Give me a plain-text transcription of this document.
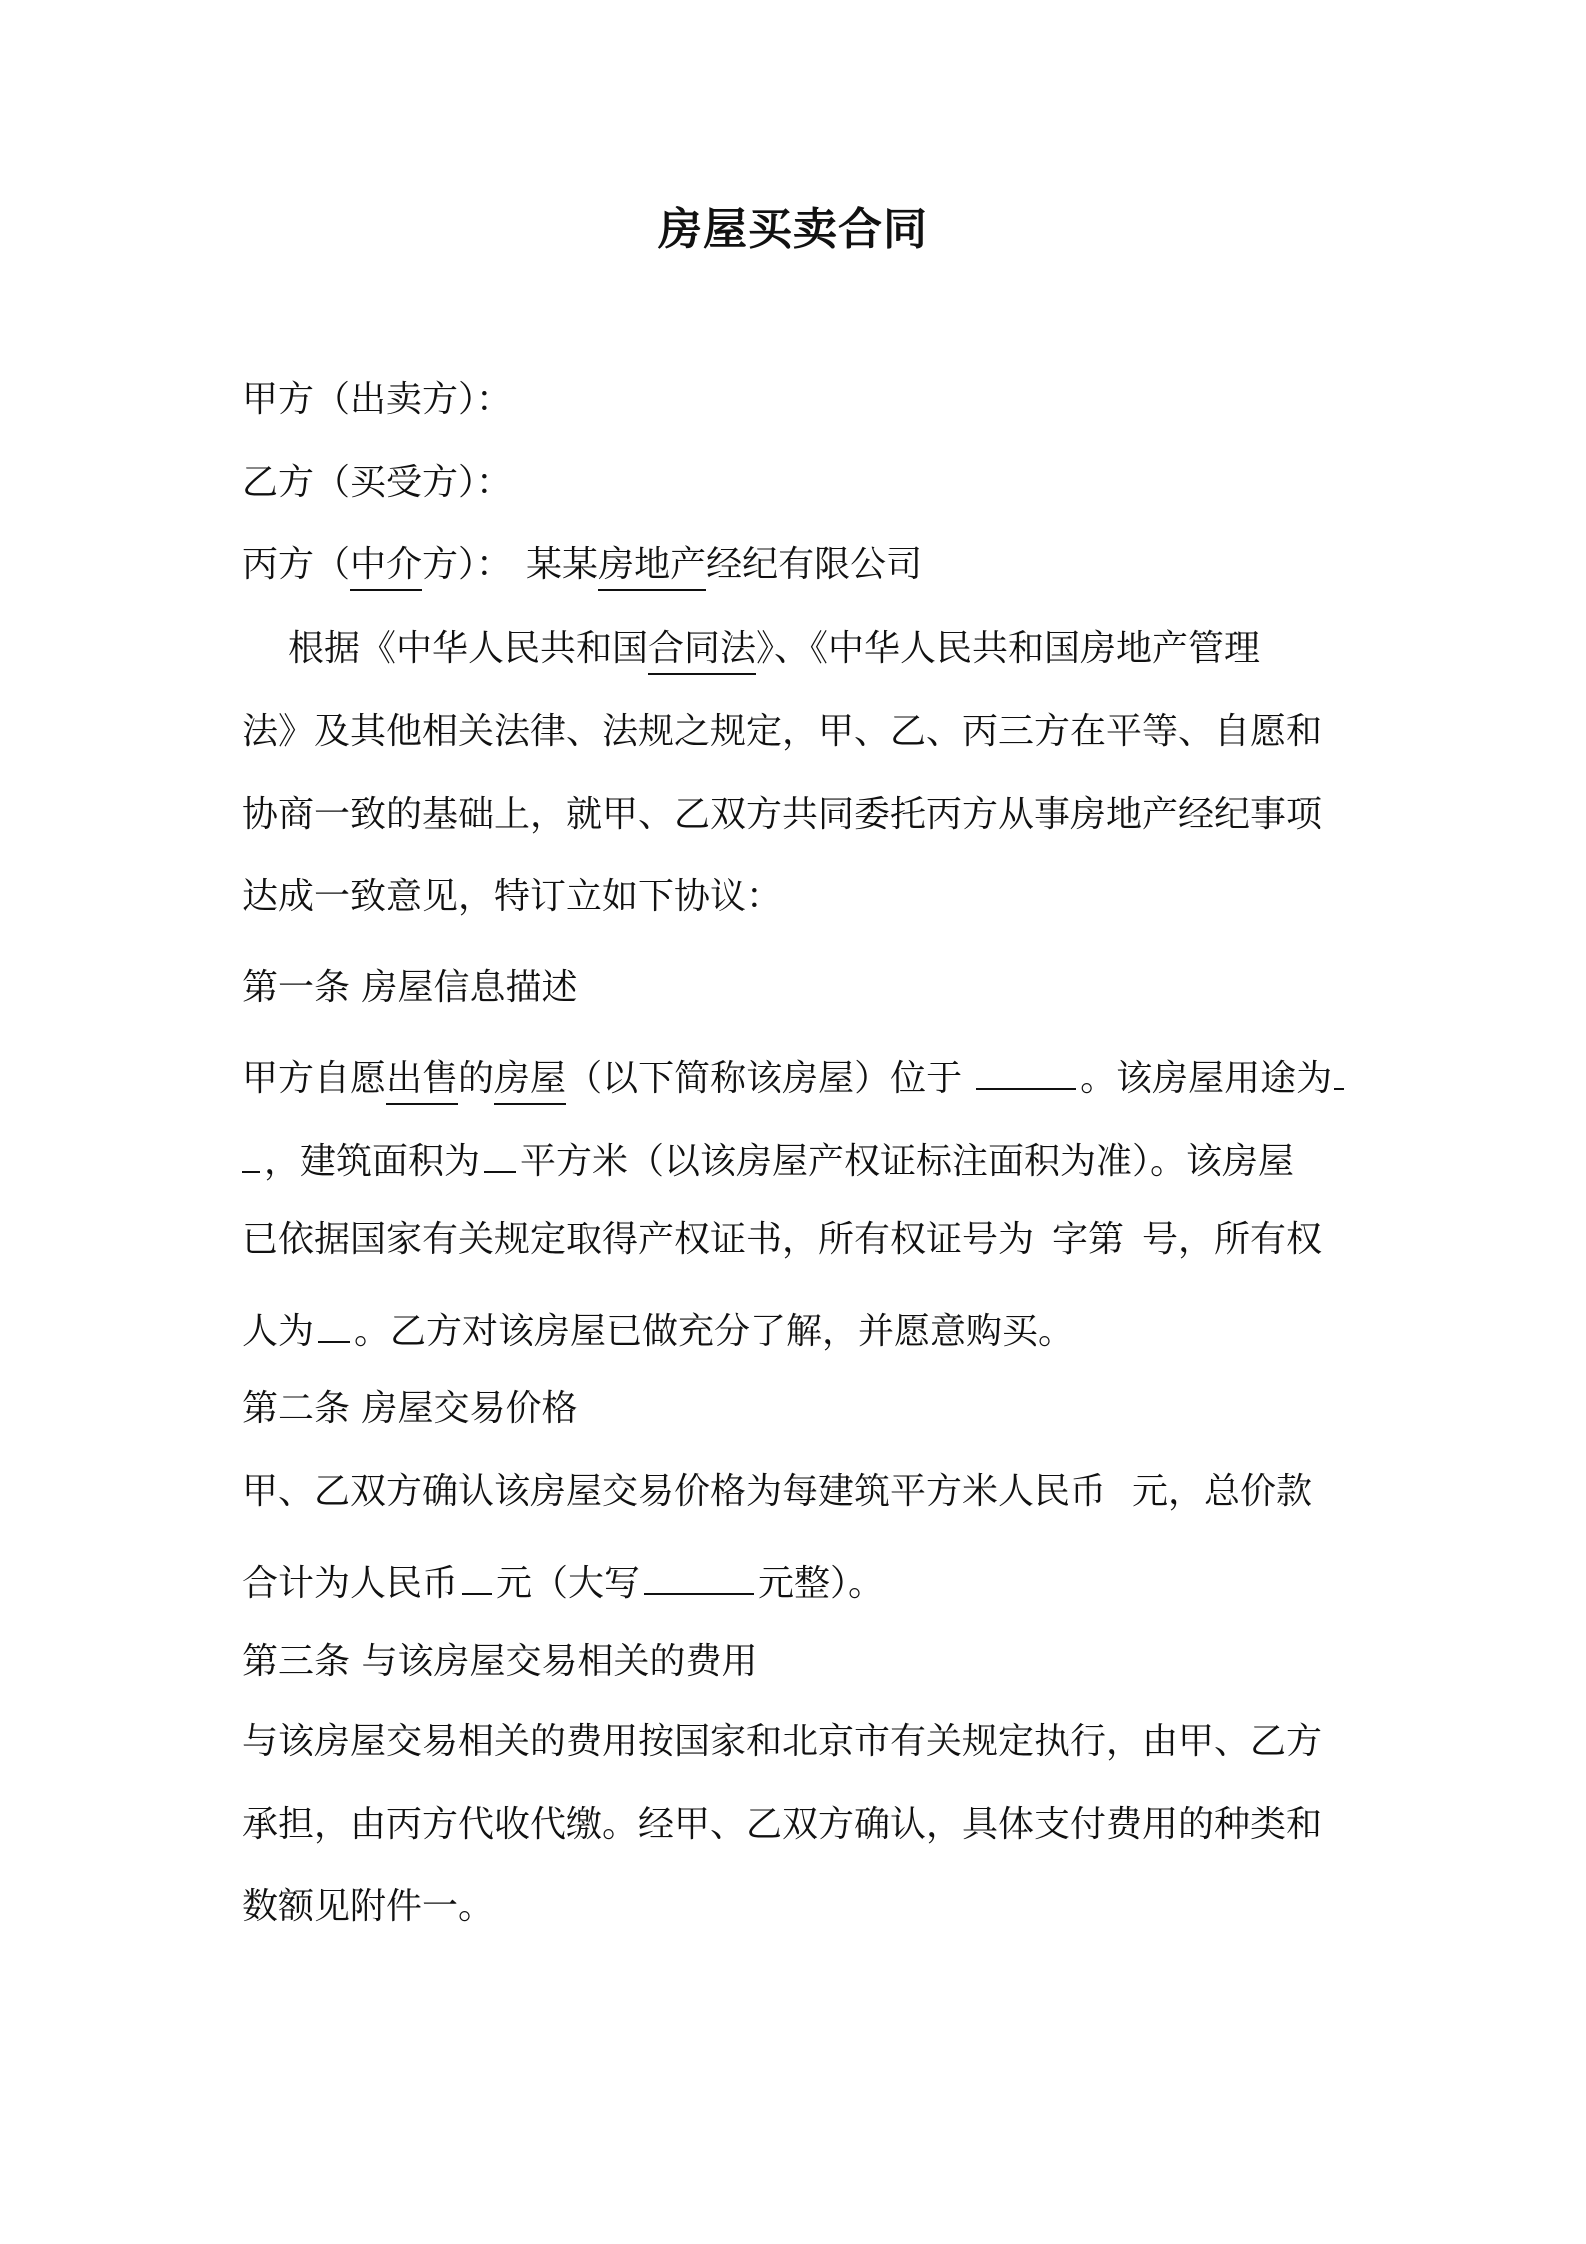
房屋买卖合同
甲方（出卖方）：
乙方（买受方）：
丙方（中介方）： 某某房地产经纪有限公司
根据《中华人民共和国合同法》、《中华人民共和国房地产管理
法》及其他相关法律、法规之规定，甲、乙、丙三方在平等、自愿和
协商一致的基础上，就甲、乙双方共同委托丙方从事房地产经纪事项
达成一致意见，特订立如下协议：
第一条 房屋信息描述
甲方自愿出售的房屋（以下简称该房屋）位于	。该房屋用途为
，建筑面积为 平方米（以该房屋产权证标注面积为准）。该房屋
已依据国家有关规定取得产权证书，所有权证号为 字第 号，所有权
人为 。乙方对该房屋已做充分了解，并愿意购买。
第二条 房屋交易价格
甲、乙双方确认该房屋交易价格为每建筑平方米人民币 元，总价款
合计为人民币 元（大写	元整）。
第三条 与该房屋交易相关的费用
与该房屋交易相关的费用按国家和北京市有关规定执行，由甲、乙方
承担，由丙方代收代缴。经甲、乙双方确认，具体支付费用的种类和
数额见附件一。
